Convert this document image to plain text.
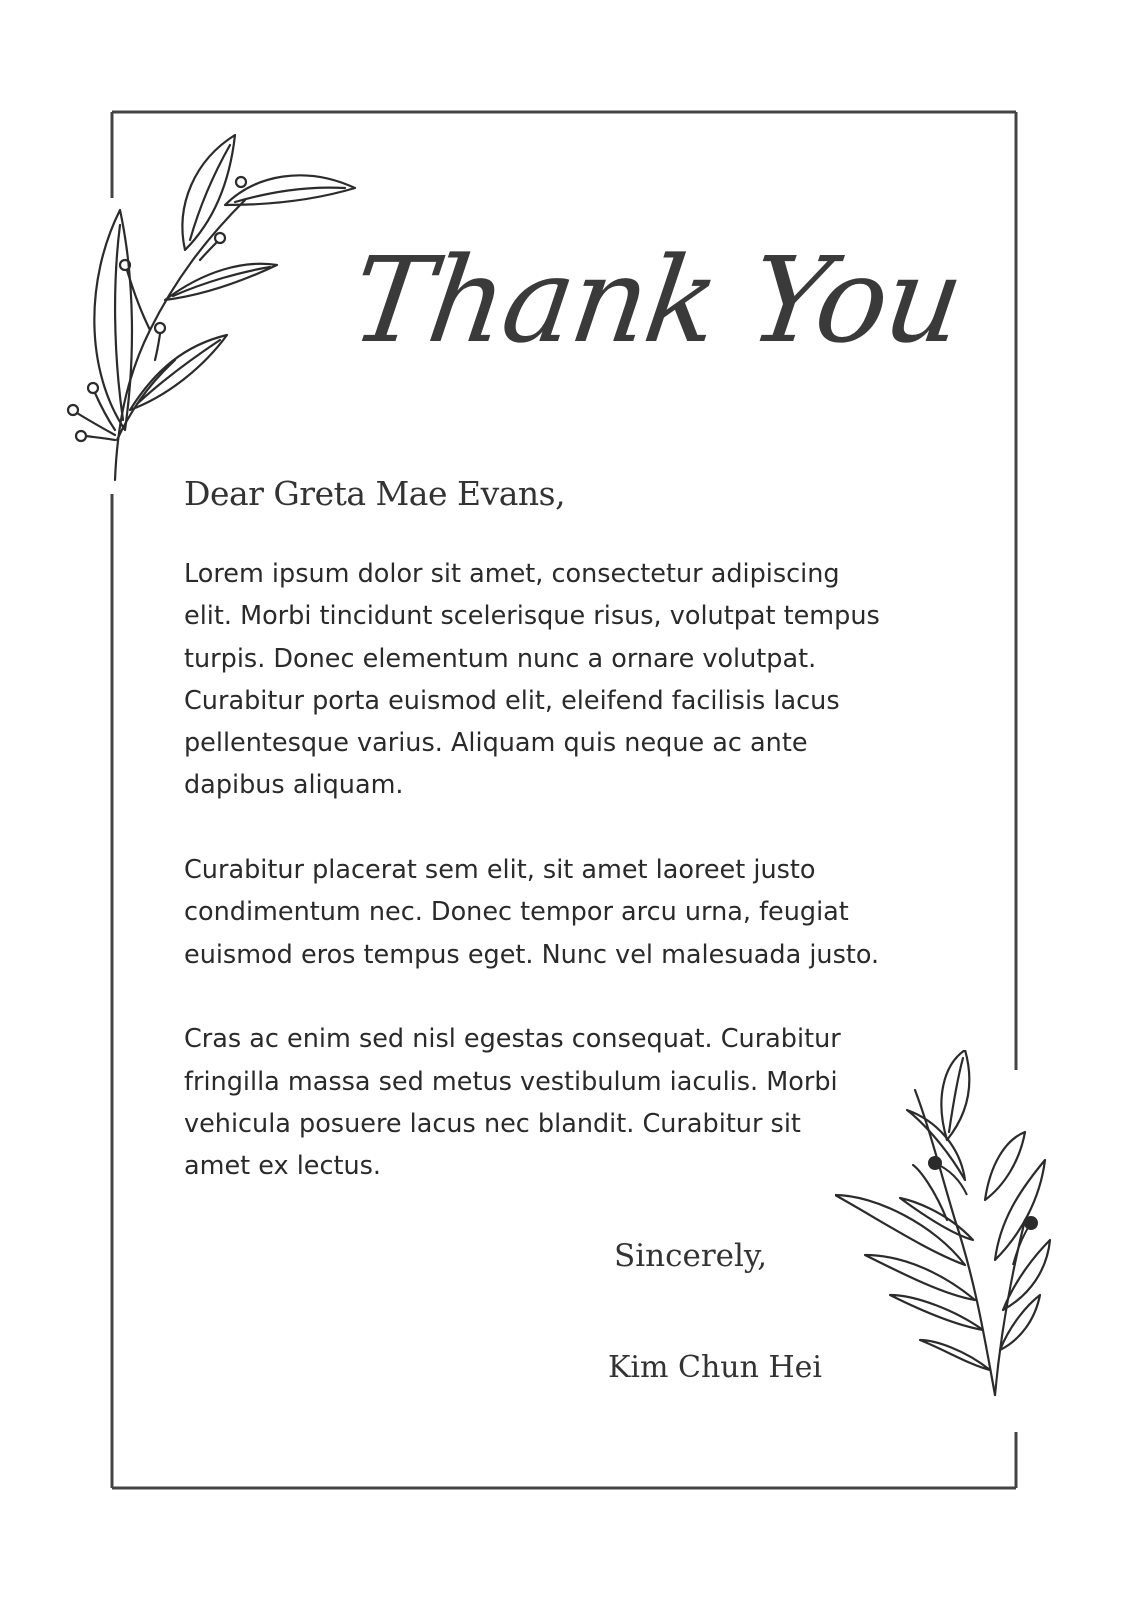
Thank You
Dear Greta Mae Evans,

Lorem ipsum dolor sit amet, consectetur adipiscing
elit. Morbi tincidunt scelerisque risus, volutpat tempus
turpis. Donec elementum nunc a ornare volutpat.
Curabitur porta euismod elit, eleifend facilisis lacus
pellentesque varius. Aliquam quis neque ac ante
dapibus aliquam.

Curabitur placerat sem elit, sit amet laoreet justo
condimentum nec. Donec tempor arcu urna, feugiat
euismod eros tempus eget. Nunc vel malesuada justo.

Cras ac enim sed nisl egestas consequat. Curabitur
fringilla massa sed metus vestibulum iaculis. Morbi
vehicula posuere lacus nec blandit. Curabitur sit
amet ex lectus.

Sincerely,
Kim Chun Hei
